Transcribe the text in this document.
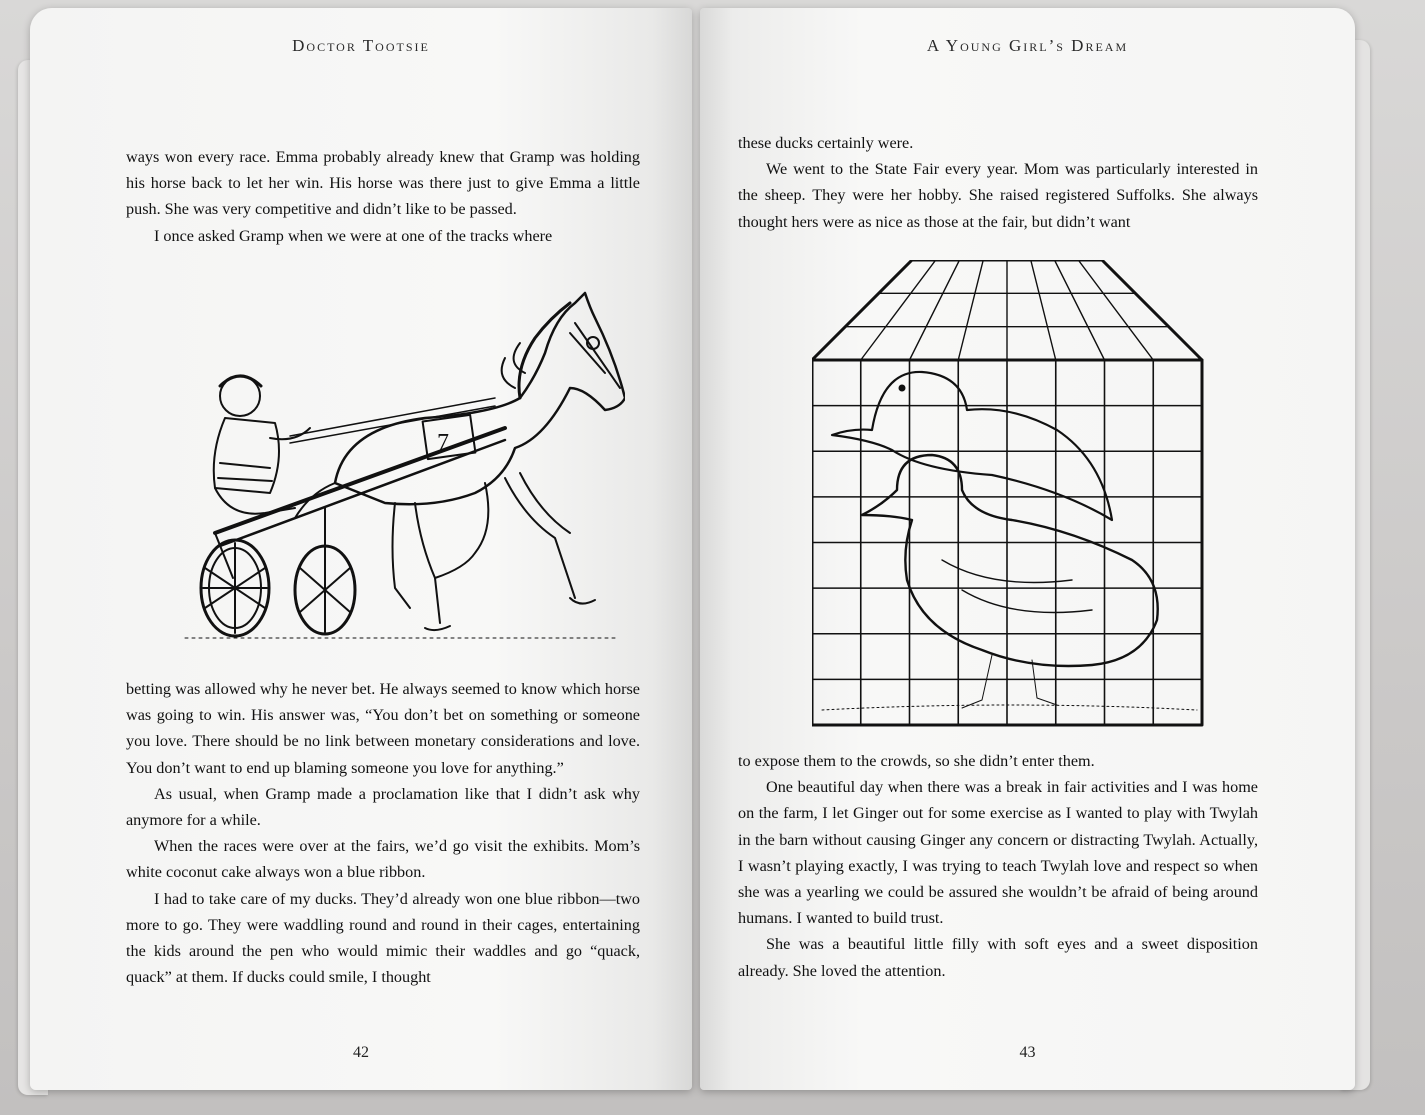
Doctor Tootsie

ways won every race. Emma probably already knew that Gramp was holding his horse back to let her win. His horse was there just to give Emma a little push. She was very competitive and didn’t like to be passed.

I once asked Gramp when we were at one of the tracks where

7

betting was allowed why he never bet. He always seemed to know which horse was going to win. His answer was, “You don’t bet on something or someone you love. There should be no link between monetary considerations and love. You don’t want to end up blaming someone you love for anything.”

As usual, when Gramp made a proclamation like that I didn’t ask why anymore for a while.

When the races were over at the fairs, we’d go visit the exhibits. Mom’s white coconut cake always won a blue ribbon.

I had to take care of my ducks. They’d already won one blue ribbon—two more to go. They were waddling round and round in their cages, entertaining the kids around the pen who would mimic their waddles and go “quack, quack” at them. If ducks could smile, I thought

42
A Young Girl’s Dream

these ducks certainly were.

We went to the State Fair every year. Mom was particularly interested in the sheep. They were her hobby. She raised registered Suffolks. She always thought hers were as nice as those at the fair, but didn’t want

to expose them to the crowds, so she didn’t enter them.

One beautiful day when there was a break in fair activities and I was home on the farm, I let Ginger out for some exercise as I wanted to play with Twylah in the barn without causing Ginger any concern or distracting Twylah. Actually, I wasn’t playing exactly, I was trying to teach Twylah love and respect so when she was a yearling we could be assured she wouldn’t be afraid of being around humans. I wanted to build trust.

She was a beautiful little filly with soft eyes and a sweet disposition already. She loved the attention.

43
